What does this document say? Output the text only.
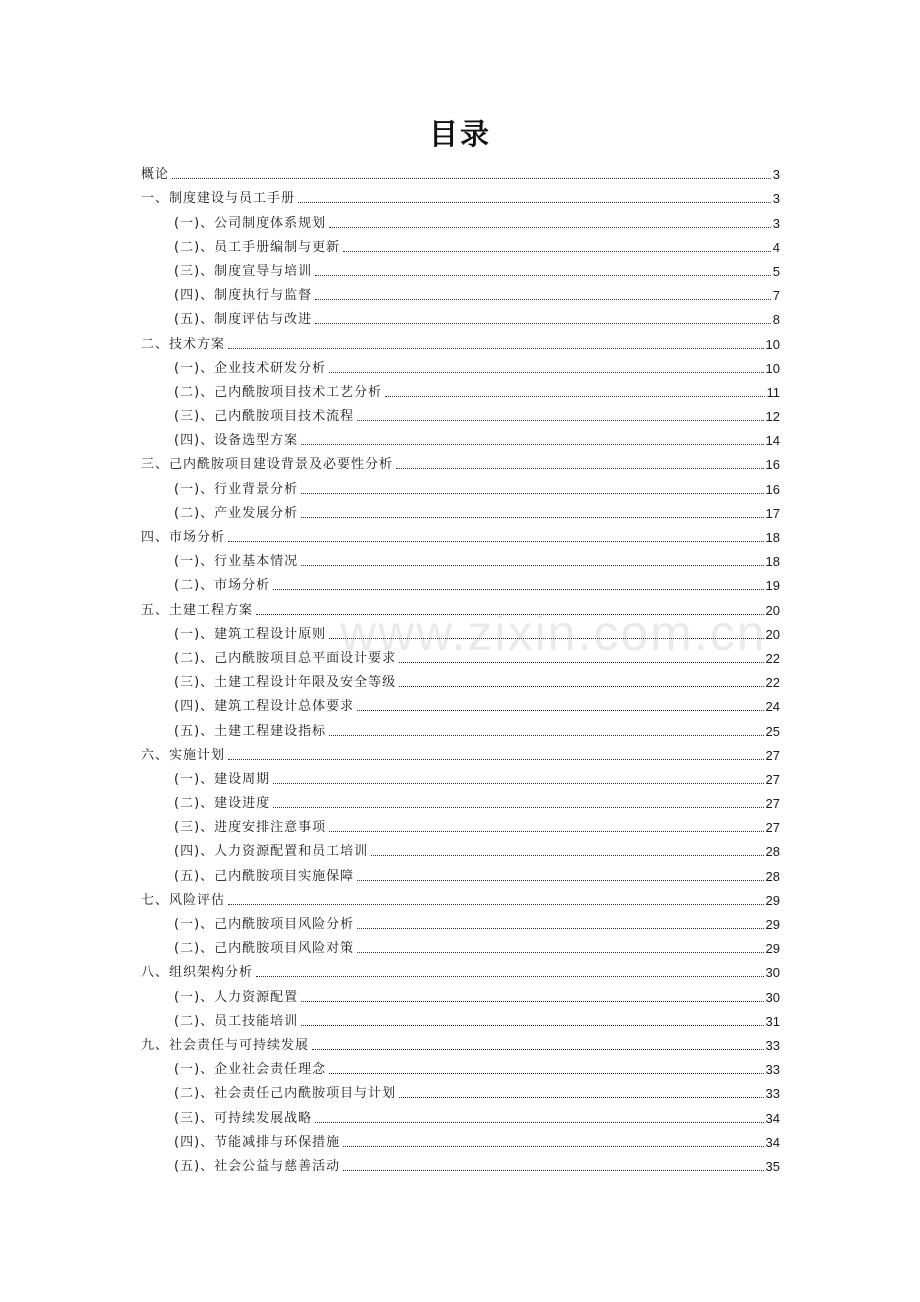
目录
www.zixin.com.cn
概论	3
一、制度建设与员工手册	3
(一)、公司制度体系规划	3
(二)、员工手册编制与更新	4
(三)、制度宣导与培训	5
(四)、制度执行与监督	7
(五)、制度评估与改进	8
二、技术方案	10
(一)、企业技术研发分析	10
(二)、己内酰胺项目技术工艺分析	11
(三)、己内酰胺项目技术流程	12
(四)、设备选型方案	14
三、己内酰胺项目建设背景及必要性分析	16
(一)、行业背景分析	16
(二)、产业发展分析	17
四、市场分析	18
(一)、行业基本情况	18
(二)、市场分析	19
五、土建工程方案	20
(一)、建筑工程设计原则	20
(二)、己内酰胺项目总平面设计要求	22
(三)、土建工程设计年限及安全等级	22
(四)、建筑工程设计总体要求	24
(五)、土建工程建设指标	25
六、实施计划	27
(一)、建设周期	27
(二)、建设进度	27
(三)、进度安排注意事项	27
(四)、人力资源配置和员工培训	28
(五)、己内酰胺项目实施保障	28
七、风险评估	29
(一)、己内酰胺项目风险分析	29
(二)、己内酰胺项目风险对策	29
八、组织架构分析	30
(一)、人力资源配置	30
(二)、员工技能培训	31
九、社会责任与可持续发展	33
(一)、企业社会责任理念	33
(二)、社会责任己内酰胺项目与计划	33
(三)、可持续发展战略	34
(四)、节能减排与环保措施	34
(五)、社会公益与慈善活动	35
